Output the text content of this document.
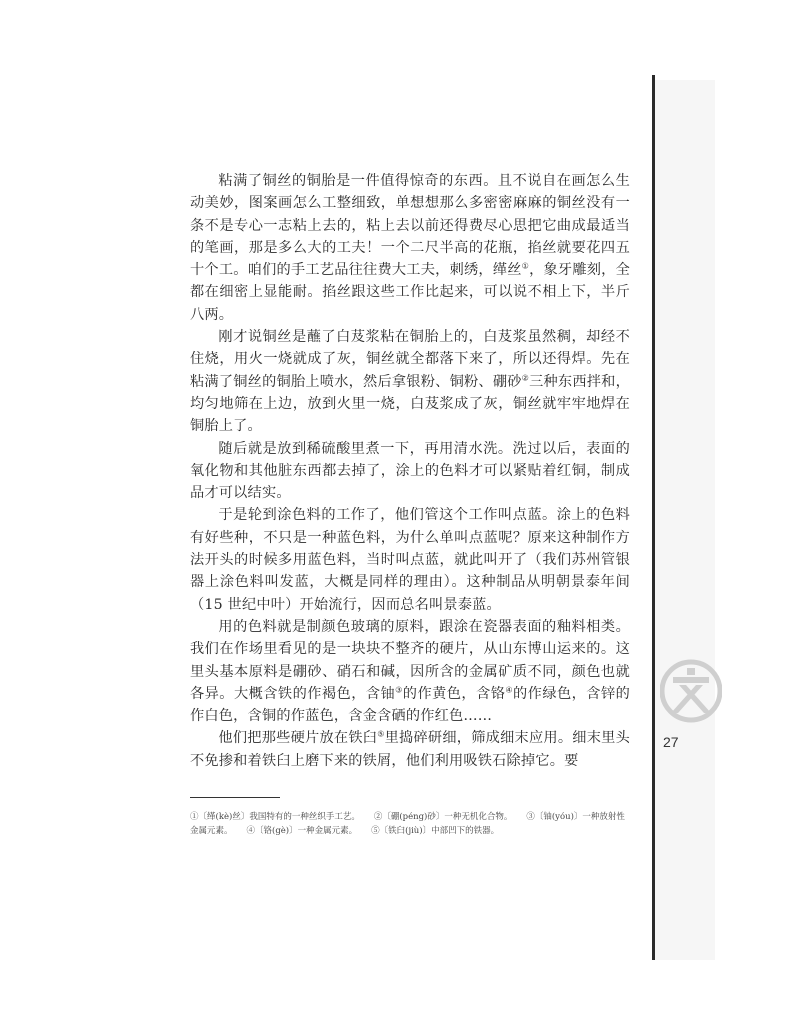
粘满了铜丝的铜胎是一件值得惊奇的东西。且不说自在画怎么生动美妙，图案画怎么工整细致，单想想那么多密密麻麻的铜丝没有一条不是专心一志粘上去的，粘上去以前还得费尽心思把它曲成最适当的笔画，那是多么大的工夫！一个二尺半高的花瓶，掐丝就要花四五十个工。咱们的手工艺品往往费大工夫，刺绣，缂丝①，象牙雕刻，全都在细密上显能耐。掐丝跟这些工作比起来，可以说不相上下，半斤八两。

刚才说铜丝是蘸了白芨浆粘在铜胎上的，白芨浆虽然稠，却经不住烧，用火一烧就成了灰，铜丝就全都落下来了，所以还得焊。先在粘满了铜丝的铜胎上喷水，然后拿银粉、铜粉、硼砂②三种东西拌和，均匀地筛在上边，放到火里一烧，白芨浆成了灰，铜丝就牢牢地焊在铜胎上了。

随后就是放到稀硫酸里煮一下，再用清水洗。洗过以后，表面的氧化物和其他脏东西都去掉了，涂上的色料才可以紧贴着红铜，制成品才可以结实。

于是轮到涂色料的工作了，他们管这个工作叫点蓝。涂上的色料有好些种，不只是一种蓝色料，为什么单叫点蓝呢？原来这种制作方法开头的时候多用蓝色料，当时叫点蓝，就此叫开了（我们苏州管银器上涂色料叫发蓝，大概是同样的理由）。这种制品从明朝景泰年间（15 世纪中叶）开始流行，因而总名叫景泰蓝。

用的色料就是制颜色玻璃的原料，跟涂在瓷器表面的釉料相类。我们在作场里看见的是一块块不整齐的硬片，从山东博山运来的。这里头基本原料是硼砂、硝石和碱，因所含的金属矿质不同，颜色也就各异。大概含铁的作褐色，含铀③的作黄色，含铬④的作绿色，含锌的作白色，含铜的作蓝色，含金含硒的作红色……

他们把那些硬片放在铁臼⑤里捣碎研细，筛成细末应用。细末里头不免掺和着铁臼上磨下来的铁屑，他们利用吸铁石除掉它。要

①〔缂(kè)丝〕我国特有的一种丝织手工艺。 ②〔硼(péng)砂〕一种无机化合物。 ③〔铀(yóu)〕一种放射性金属元素。 ④〔铬(gè)〕一种金属元素。 ⑤〔铁臼(jiù)〕中部凹下的铁器。
27
